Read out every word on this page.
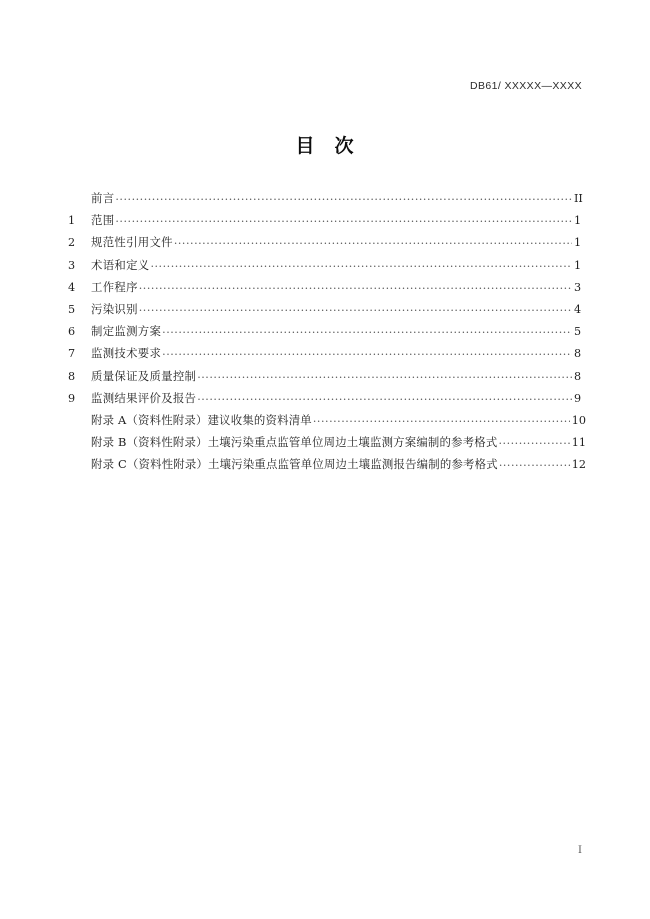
DB61/ XXXXX—XXXX
目 次
前言 .....	II
1	范围 .....	1
2	规范性引用文件 .....	1
3	术语和定义 .....	1
4	工作程序 .....	3
5	污染识别 .....	4
6	制定监测方案 .....	5
7	监测技术要求 .....	8
8	质量保证及质量控制 .....	8
9	监测结果评价及报告 .....	9
附录 A（资料性附录）建议收集的资料清单 .....	10
附录 B（资料性附录）土壤污染重点监管单位周边土壤监测方案编制的参考格式 .....	11
附录 C（资料性附录）土壤污染重点监管单位周边土壤监测报告编制的参考格式 .....	12
I
